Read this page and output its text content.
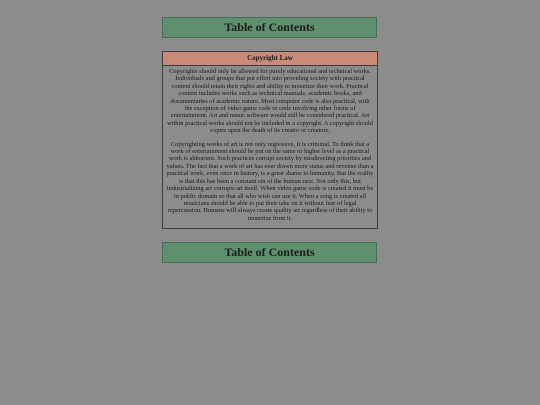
Table of Contents
Copyright Law

Copyrights should only be allowed for purely educational and technical works. Individuals and groups that put effort into providing society with practical content should retain their rights and ability to monetize their work. Practical content includes works such as technical manuals, academic books, and documentaries of academic nature. Most computer code is also practical, with the exception of video game code or code involving other forms of entertainment. Art and music software would still be considered practical. Art within practical works should not be included in a copyright. A copyright should expire upon the death of its creator or creators.

Copyrighting works of art is not only regressive, it is criminal. To think that a work of entertainment should be put on the same or higher level as a practical work is abhorrent. Such practices corrupt society by misdirecting priorities and values. The fact that a work of art has ever drawn more status and revenue than a practical work, even once in history, is a great shame to humanity. But the reality is that this has been a constant sin of the human race. Not only this, but industrializing art corrupts art itself. When video game code is created it must be in public domain so that all who wish can use it. When a song is created all musicians should be able to put their take on it without fear of legal repercussion. Humans will always create quality art regardless of their ability to monetize from it.

Table of Contents
